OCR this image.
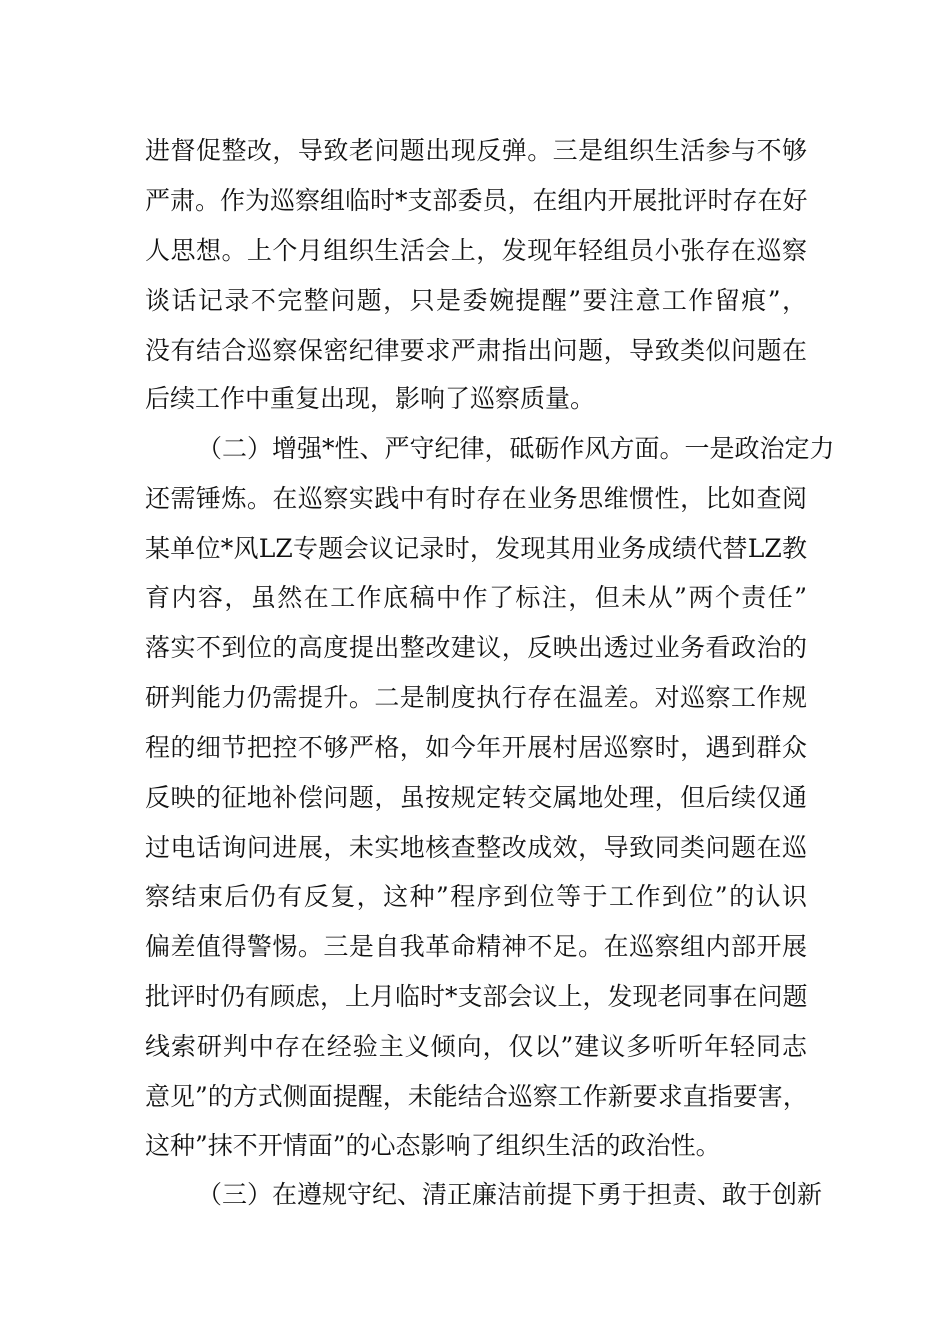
进督促整改，导致老问题出现反弹。三是组织生活参与不够
严肃。作为巡察组临时*支部委员，在组内开展批评时存在好
人思想。上个月组织生活会上，发现年轻组员小张存在巡察
谈话记录不完整问题，只是委婉提醒”要注意工作留痕”，
没有结合巡察保密纪律要求严肃指出问题，导致类似问题在
后续工作中重复出现，影响了巡察质量。
（二）增强*性、严守纪律，砥砺作风方面。一是政治定力
还需锤炼。在巡察实践中有时存在业务思维惯性，比如查阅
某单位*风LZ专题会议记录时，发现其用业务成绩代替LZ教
育内容，虽然在工作底稿中作了标注，但未从”两个责任”
落实不到位的高度提出整改建议，反映出透过业务看政治的
研判能力仍需提升。二是制度执行存在温差。对巡察工作规
程的细节把控不够严格，如今年开展村居巡察时，遇到群众
反映的征地补偿问题，虽按规定转交属地处理，但后续仅通
过电话询问进展，未实地核查整改成效，导致同类问题在巡
察结束后仍有反复，这种”程序到位等于工作到位”的认识
偏差值得警惕。三是自我革命精神不足。在巡察组内部开展
批评时仍有顾虑，上月临时*支部会议上，发现老同事在问题
线索研判中存在经验主义倾向，仅以”建议多听听年轻同志
意见”的方式侧面提醒，未能结合巡察工作新要求直指要害，
这种”抹不开情面”的心态影响了组织生活的政治性。
（三）在遵规守纪、清正廉洁前提下勇于担责、敢于创新
